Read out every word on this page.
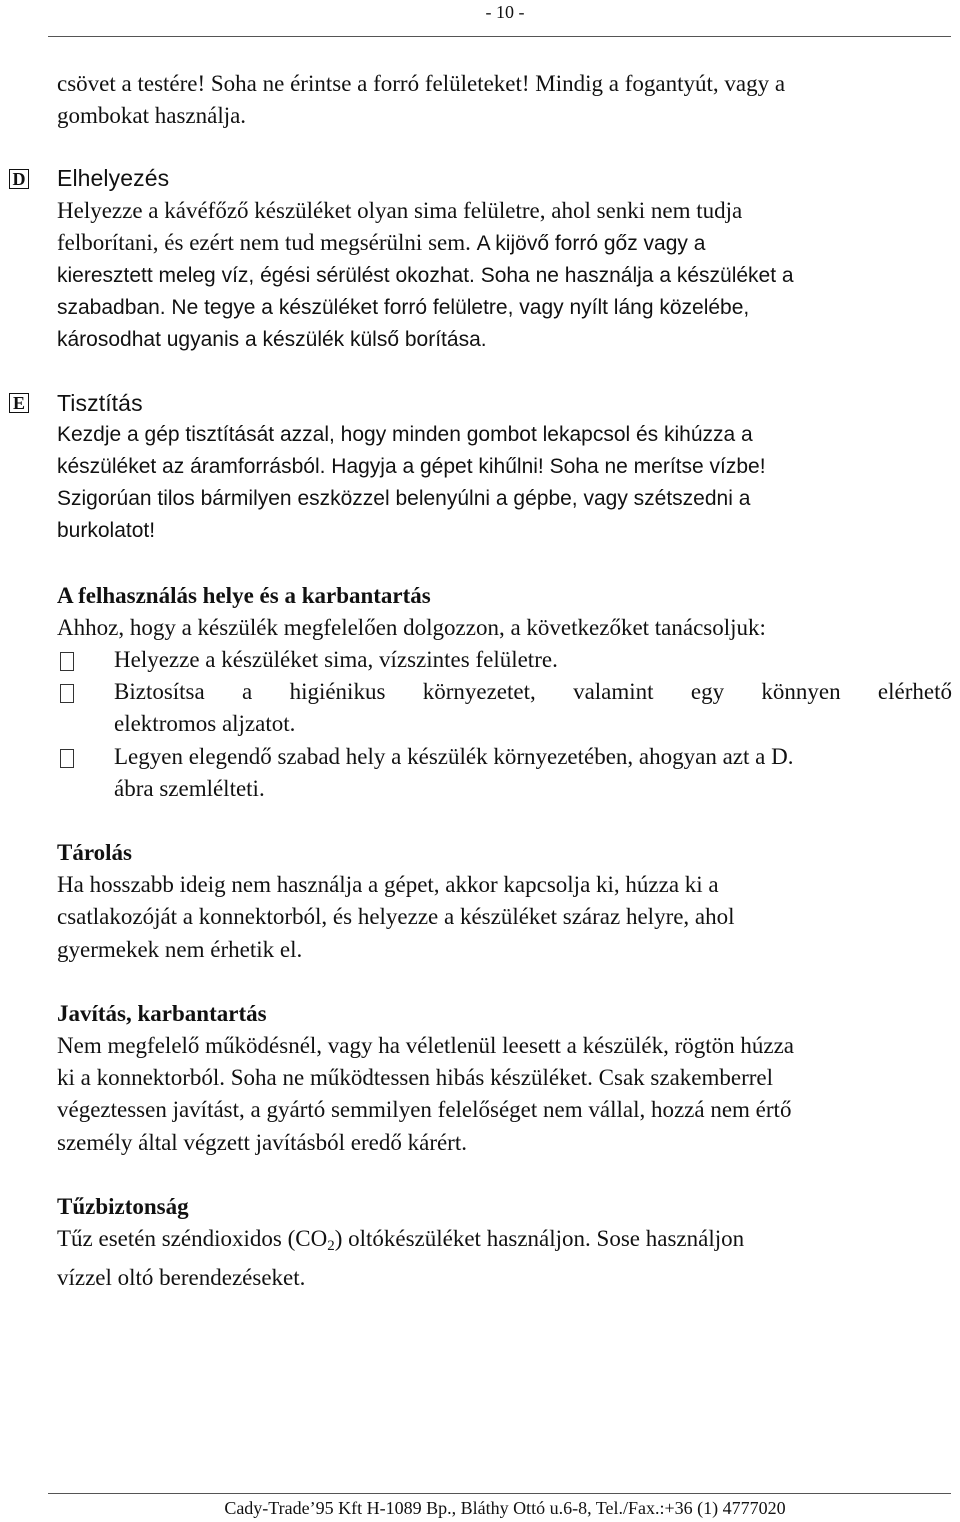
- 10 -
D
E

csövet a testére! Soha ne érintse a forró felületeket! Mindig a fogantyút, vagy a

gombokat használja.

Elhelyezés

Helyezze a kávéfőző készüléket olyan sima felületre, ahol senki nem tudja

felborítani, és ezért nem tud megsérülni sem. A kijövő forró gőz vagy a

kieresztett meleg víz, égési sérülést okozhat. Soha ne használja a készüléket a

szabadban. Ne tegye a készüléket forró felületre, vagy nyílt láng közelébe,

károsodhat ugyanis a készülék külső borítása.

Tisztítás

Kezdje a gép tisztítását azzal, hogy minden gombot lekapcsol és kihúzza a

készüléket az áramforrásból. Hagyja a gépet kihűlni! Soha ne merítse vízbe!

Szigorúan tilos bármilyen eszközzel belenyúlni a gépbe, vagy szétszedni a

burkolatot!

A felhasználás helye és a karbantartás

Ahhoz, hogy a készülék megfelelően dolgozzon, a következőket tanácsoljuk:

Helyezze a készüléket sima, vízszintes felületre.
Biztosítsa a higiénikus környezetet, valamint egy könnyen elérhető
elektromos aljzatot.
Legyen elegendő szabad hely a készülék környezetében, ahogyan azt a D.
ábra szemlélteti.

Tárolás

Ha hosszabb ideig nem használja a gépet, akkor kapcsolja ki, húzza ki a

csatlakozóját a konnektorból, és helyezze a készüléket száraz helyre, ahol

gyermekek nem érhetik el.

Javítás, karbantartás

Nem megfelelő működésnél, vagy ha véletlenül leesett a készülék, rögtön húzza

ki a konnektorból. Soha ne működtessen hibás készüléket. Csak szakemberrel

végeztessen javítást, a gyártó semmilyen felelőséget nem vállal, hozzá nem értő

személy által végzett javításból eredő kárért.

Tűzbiztonság

Tűz esetén széndioxidos $(CO_2)$ oltókészüléket használjon. Sose használjon

vízzel oltó berendezéseket.

Cady-Trade’95 Kft H-1089 Bp., Bláthy Ottó u.6-8, Tel./Fax.:+36 (1) 4777020
